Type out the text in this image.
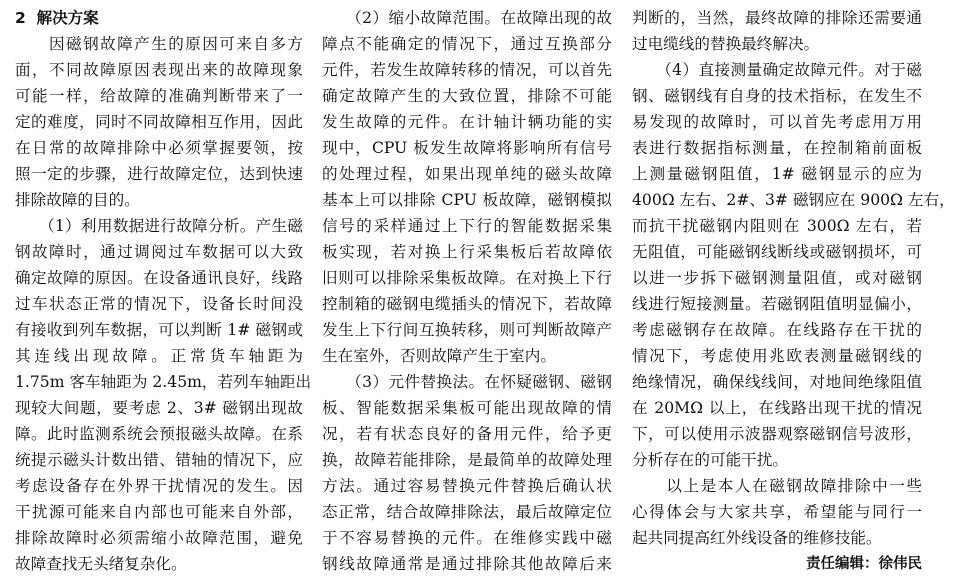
2 解决方案
　　因磁钢故障产生的原因可来自多方
面，不同故障原因表现出来的故障现象
可能一样，给故障的准确判断带来了一
定的难度，同时不同故障相互作用，因此
在日常的故障排除中必须掌握要领，按
照一定的步骤，进行故障定位，达到快速
排除故障的目的。
　　（1）利用数据进行故障分析。产生磁
钢故障时，通过调阅过车数据可以大致
确定故障的原因。在设备通讯良好，线路
过车状态正常的情况下，设备长时间没
有接收到列车数据，可以判断 1# 磁钢或
其连线出现故障。正常货车轴距为
1.75m 客车轴距为 2.45m，若列车轴距出
现较大间题，要考虑 2、3# 磁钢出现故
障。此时监测系统会预报磁头故障。在系
统提示磁头计数出错、错轴的情况下，应
考虑设备存在外界干扰情况的发生。因
干扰源可能来自内部也可能来自外部，
排除故障时必须需缩小故障范围，避免
故障查找无头绪复杂化。
　　（2）缩小故障范围。在故障出现的故
障点不能确定的情况下，通过互换部分
元件，若发生故障转移的情况，可以首先
确定故障产生的大致位置，排除不可能
发生故障的元件。在计轴计辆功能的实
现中，CPU 板发生故障将影响所有信号
的处理过程，如果出现单纯的磁头故障
基本上可以排除 CPU 板故障，磁钢模拟
信号的采样通过上下行的智能数据采集
板实现，若对换上行采集板后若故障依
旧则可以排除采集板故障。在对换上下行
控制箱的磁钢电缆插头的情况下，若故障
发生上下行间互换转移，则可判断故障产
生在室外，否则故障产生于室内。
　　（3）元件替换法。在怀疑磁钢、磁钢
板、智能数据采集板可能出现故障的情
况，若有状态良好的备用元件，给予更
换，故障若能排除，是最简单的故障处理
方法。通过容易替换元件替换后确认状
态正常，结合故障排除法，最后故障定位
于不容易替换的元件。在维修实践中磁
钢线故障通常是通过排除其他故障后来
判断的，当然，最终故障的排除还需要通
过电缆线的替换最终解决。
　　（4）直接测量确定故障元件。对于磁
钢、磁钢线有自身的技术指标，在发生不
易发现的故障时，可以首先考虑用万用
表进行数据指标测量，在控制箱前面板
上测量磁钢阻值，1# 磁钢显示的应为
400Ω 左右、2#、3# 磁钢应在 900Ω 左右，
而抗干扰磁钢内阻则在 300Ω 左右，若
无阻值，可能磁钢线断线或磁钢损坏，可
以进一步拆下磁钢测量阻值，或对磁钢
线进行短接测量。若磁钢阻值明显偏小，
考虑磁钢存在故障。在线路存在干扰的
情况下，考虑使用兆欧表测量磁钢线的
绝缘情况，确保线线间，对地间绝缘阻值
在 20MΩ 以上，在线路出现干扰的情况
下，可以使用示波器观察磁钢信号波形，
分析存在的可能干扰。
　　以上是本人在磁钢故障排除中一些
心得体会与大家共享，希望能与同行一
起共同提高红外线设备的维修技能。
责任编辑：徐伟民
